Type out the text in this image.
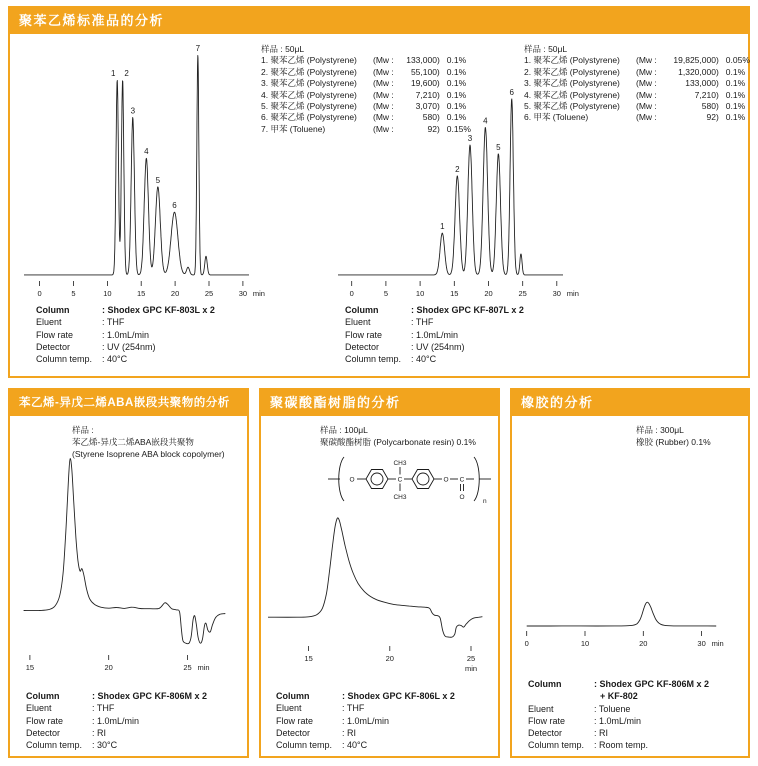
聚苯乙烯标准品的分析
0	5	10	15	20	25	30 min
1 2
3
4
5
6
7	样品 : 50μL
1. 聚苯乙烯 (Polystyrene) (Mw : 133,000) 0.1%
2. 聚苯乙烯 (Polystyrene) (Mw : 55,100) 0.1%
3. 聚苯乙烯 (Polystyrene) (Mw : 19,600) 0.1%
4. 聚苯乙烯 (Polystyrene) (Mw :	7,210) 0.1%
5. 聚苯乙烯 (Polystyrene) (Mw :	3,070) 0.1%
6. 聚苯乙烯 (Polystyrene) (Mw :	580) 0.1%
7. 甲苯 (Toluene)	(Mw :	92) 0.15%
0	5	10	15	20	25	30 min
1
2
3
4
5
6
样品 : 50μL
1. 聚苯乙烯 (Polystyrene) (Mw : 19,825,000) 0.05%
2. 聚苯乙烯 (Polystyrene) (Mw :	1,320,000) 0.1%
3. 聚苯乙烯 (Polystyrene) (Mw :	133,000) 0.1%
4. 聚苯乙烯 (Polystyrene) (Mw :	7,210) 0.1%
5. 聚苯乙烯 (Polystyrene) (Mw :	580) 0.1%
6. 甲苯 (Toluene)	(Mw :	92) 0.1%
Column	: Shodex GPC KF-803L x 2
Eluent	: THF
Flow rate	: 1.0mL/min
Detector	: UV (254nm)
Column temp. : 40°C
Column	: Shodex GPC KF-807L x 2
Eluent	: THF
Flow rate	: 1.0mL/min
Detector	: UV (254nm)
Column temp. : 40°C
苯乙烯-异戊二烯ABA嵌段共聚物的分析
样品 :
苯乙烯-异戊二烯ABA嵌段共聚物
(Styrene Isoprene ABA block copolymer)
15	20	25 min
Column	: Shodex GPC KF-806M x 2
Eluent	: THF
Flow rate	: 1.0mL/min
Detector	: RI
Column temp. : 30°C
聚碳酸酯树脂的分析
样品 : 100μL
聚碳酸酯树脂 (Polycarbonate resin) 0.1%
O	C
CH3
CH3
O C
O
n
15	20	25
min
Column	: Shodex GPC KF-806L x 2
Eluent	: THF
Flow rate	: 1.0mL/min
Detector	: RI
Column temp. : 40°C
橡胶的分析
样品 : 300μL
橡胶 (Rubber) 0.1%
0	10	20	30 min
Column	: Shodex GPC KF-806M x 2
+ KF-802
Eluent	: Toluene
Flow rate	: 1.0mL/min
Detector	: RI
Column temp. : Room temp.
